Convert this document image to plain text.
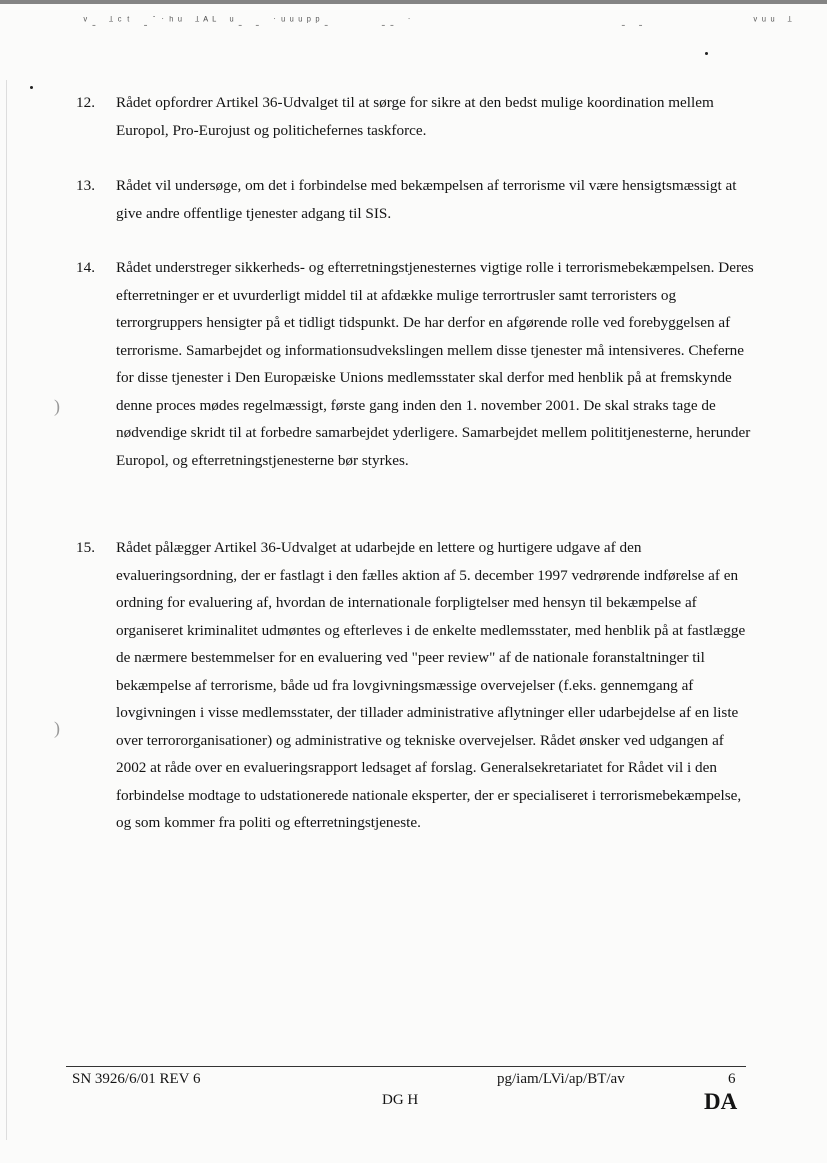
ᵛˍ ˡᶜᵗ ˍ˙ˑʰᵘ ˡᴬᴸ ᵘˍ ˍ ˑᵘᵘᵘᵖᵖˍ	ˍˍ ˑ	ˍ ˍ	ᵛᵘᵘ ˡ
)
)
12.	Rådet opfordrer Artikel 36-Udvalget til at sørge for sikre at den bedst mulige koordination mellem Europol, Pro-Eurojust og politichefernes taskforce.
13.	Rådet vil undersøge, om det i forbindelse med bekæmpelsen af terrorisme vil være hensigtsmæssigt at give andre offentlige tjenester adgang til SIS.
14.	Rådet understreger sikkerheds- og efterretningstjenesternes vigtige rolle i terrorismebekæmpelsen. Deres efterretninger er et uvurderligt middel til at afdække mulige terrortrusler samt terroristers og terrorgruppers hensigter på et tidligt tidspunkt. De har derfor en afgørende rolle ved forebyggelsen af terrorisme. Samarbejdet og informationsudvekslingen mellem disse tjenester må intensiveres. Cheferne for disse tjenester i Den Europæiske Unions medlemsstater skal derfor med henblik på at fremskynde denne proces mødes regelmæssigt, første gang inden den 1. november 2001. De skal straks tage de nødvendige skridt til at forbedre samarbejdet yderligere. Samarbejdet mellem polititjenesterne, herunder Europol, og efterretningstjenesterne bør styrkes.
15.	Rådet pålægger Artikel 36-Udvalget at udarbejde en lettere og hurtigere udgave af den evalueringsordning, der er fastlagt i den fælles aktion af 5. december 1997 vedrørende indførelse af en ordning for evaluering af, hvordan de internationale forpligtelser med hensyn til bekæmpelse af organiseret kriminalitet udmøntes og efterleves i de enkelte medlemsstater, med henblik på at fastlægge de nærmere bestemmelser for en evaluering ved "peer review" af de nationale foranstaltninger til bekæmpelse af terrorisme, både ud fra lovgivningsmæssige overvejelser (f.eks. gennemgang af lovgivningen i visse medlemsstater, der tillader administrative aflytninger eller udarbejdelse af en liste over terrororganisationer) og administrative og tekniske overvejelser. Rådet ønsker ved udgangen af 2002 at råde over en evalueringsrapport ledsaget af forslag. Generalsekretariatet for Rådet vil i den forbindelse modtage to udstationerede nationale eksperter, der er specialiseret i terrorismebekæmpelse, og som kommer fra politi og efterretningstjeneste.
SN 3926/6/01 REV 6	pg/iam/LVi/ap/BT/av	6
DG H	DA
